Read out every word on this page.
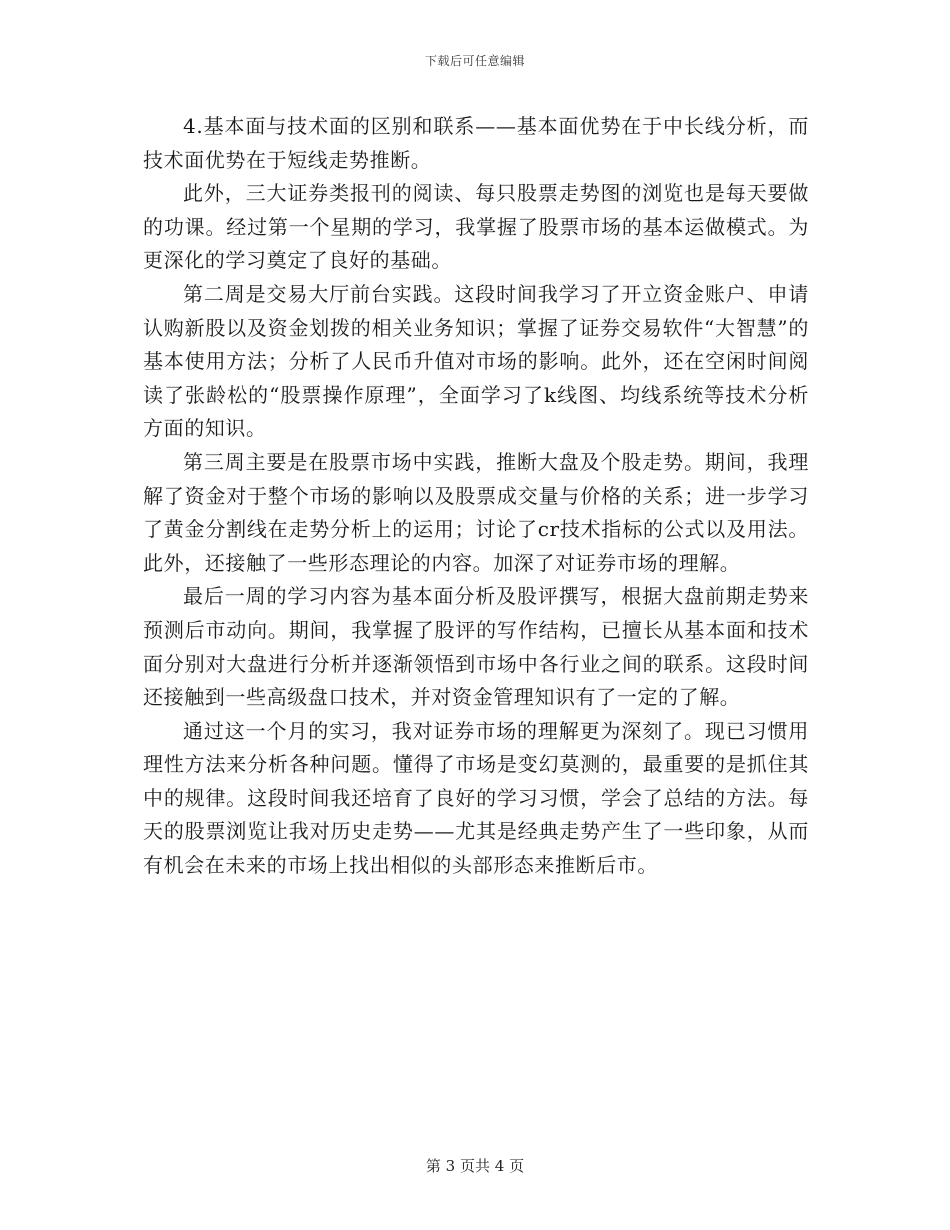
下载后可任意编辑

4.基本面与技术面的区别和联系——基本面优势在于中长线分析，而技术面优势在于短线走势推断。

此外，三大证券类报刊的阅读、每只股票走势图的浏览也是每天要做的功课。经过第一个星期的学习，我掌握了股票市场的基本运做模式。为更深化的学习奠定了良好的基础。

第二周是交易大厅前台实践。这段时间我学习了开立资金账户、申请认购新股以及资金划拨的相关业务知识；掌握了证券交易软件“大智慧”的基本使用方法；分析了人民币升值对市场的影响。此外，还在空闲时间阅读了张龄松的“股票操作原理”，全面学习了k线图、均线系统等技术分析方面的知识。

第三周主要是在股票市场中实践，推断大盘及个股走势。期间，我理解了资金对于整个市场的影响以及股票成交量与价格的关系；进一步学习了黄金分割线在走势分析上的运用；讨论了cr技术指标的公式以及用法。此外，还接触了一些形态理论的内容。加深了对证券市场的理解。

最后一周的学习内容为基本面分析及股评撰写，根据大盘前期走势来预测后市动向。期间，我掌握了股评的写作结构，已擅长从基本面和技术面分别对大盘进行分析并逐渐领悟到市场中各行业之间的联系。这段时间还接触到一些高级盘口技术，并对资金管理知识有了一定的了解。

通过这一个月的实习，我对证券市场的理解更为深刻了。现已习惯用理性方法来分析各种问题。懂得了市场是变幻莫测的，最重要的是抓住其中的规律。这段时间我还培育了良好的学习习惯，学会了总结的方法。每天的股票浏览让我对历史走势——尤其是经典走势产生了一些印象，从而有机会在未来的市场上找出相似的头部形态来推断后市。

第 3 页共 4 页
